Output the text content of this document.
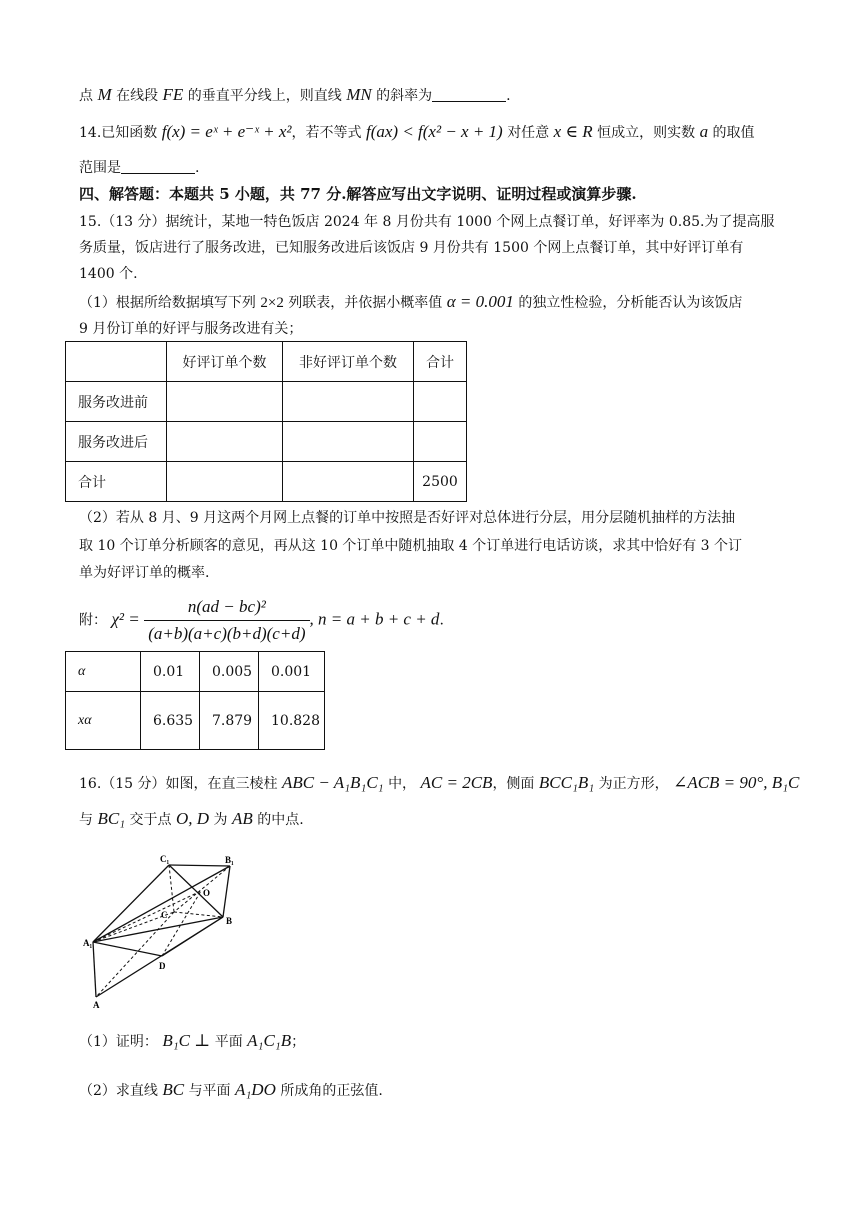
点 M 在线段 FE 的垂直平分线上，则直线 MN 的斜率为	.
14.已知函数 f(x) = eˣ + e⁻ˣ + x²，若不等式 f(ax) < f(x² − x + 1) 对任意 x ∈ R 恒成立，则实数 a 的取值
范围是	.
四、解答题：本题共 5 小题，共 77 分.解答应写出文字说明、证明过程或演算步骤.
15.（13 分）据统计，某地一特色饭店 2024 年 8 月份共有 1000 个网上点餐订单，好评率为 0.85.为了提高服
务质量，饭店进行了服务改进，已知服务改进后该饭店 9 月份共有 1500 个网上点餐订单，其中好评订单有
1400 个.
（1）根据所给数据填写下列 2×2 列联表，并依据小概率值 α = 0.001 的独立性检验，分析能否认为该饭店
9 月份订单的好评与服务改进有关；
	好评订单个数	非好评订单个数	合计
服务改进前			
服务改进后			
合计			2500
（2）若从 8 月、9 月这两个月网上点餐的订单中按照是否好评对总体进行分层，用分层随机抽样的方法抽
取 10 个订单分析顾客的意见，再从这 10 个订单中随机抽取 4 个订单进行电话访谈，求其中恰好有 3 个订
单为好评订单的概率.
附： $\chi^2 = \frac{\text{n(ad − bc)²}}{(a+b)(a+c)(b+d)(c+d)}$ , n = a + b + c + d.
α	0.01	0.005	0.001
xα	6.635	7.879	10.828
16.（15 分）如图，在直三棱柱 ABC − A₁B₁C₁ 中， AC = 2CB，侧面 BCC₁B₁ 为正方形， ∠ACB = 90°, B₁C
与 BC₁ 交于点 O, D 为 AB 的中点.
C₁	B₁
O
C
B
A₁
D
A
（1）证明： B₁C ⊥ 平面 A₁C₁B；
（2）求直线 BC 与平面 A₁DO 所成角的正弦值.
